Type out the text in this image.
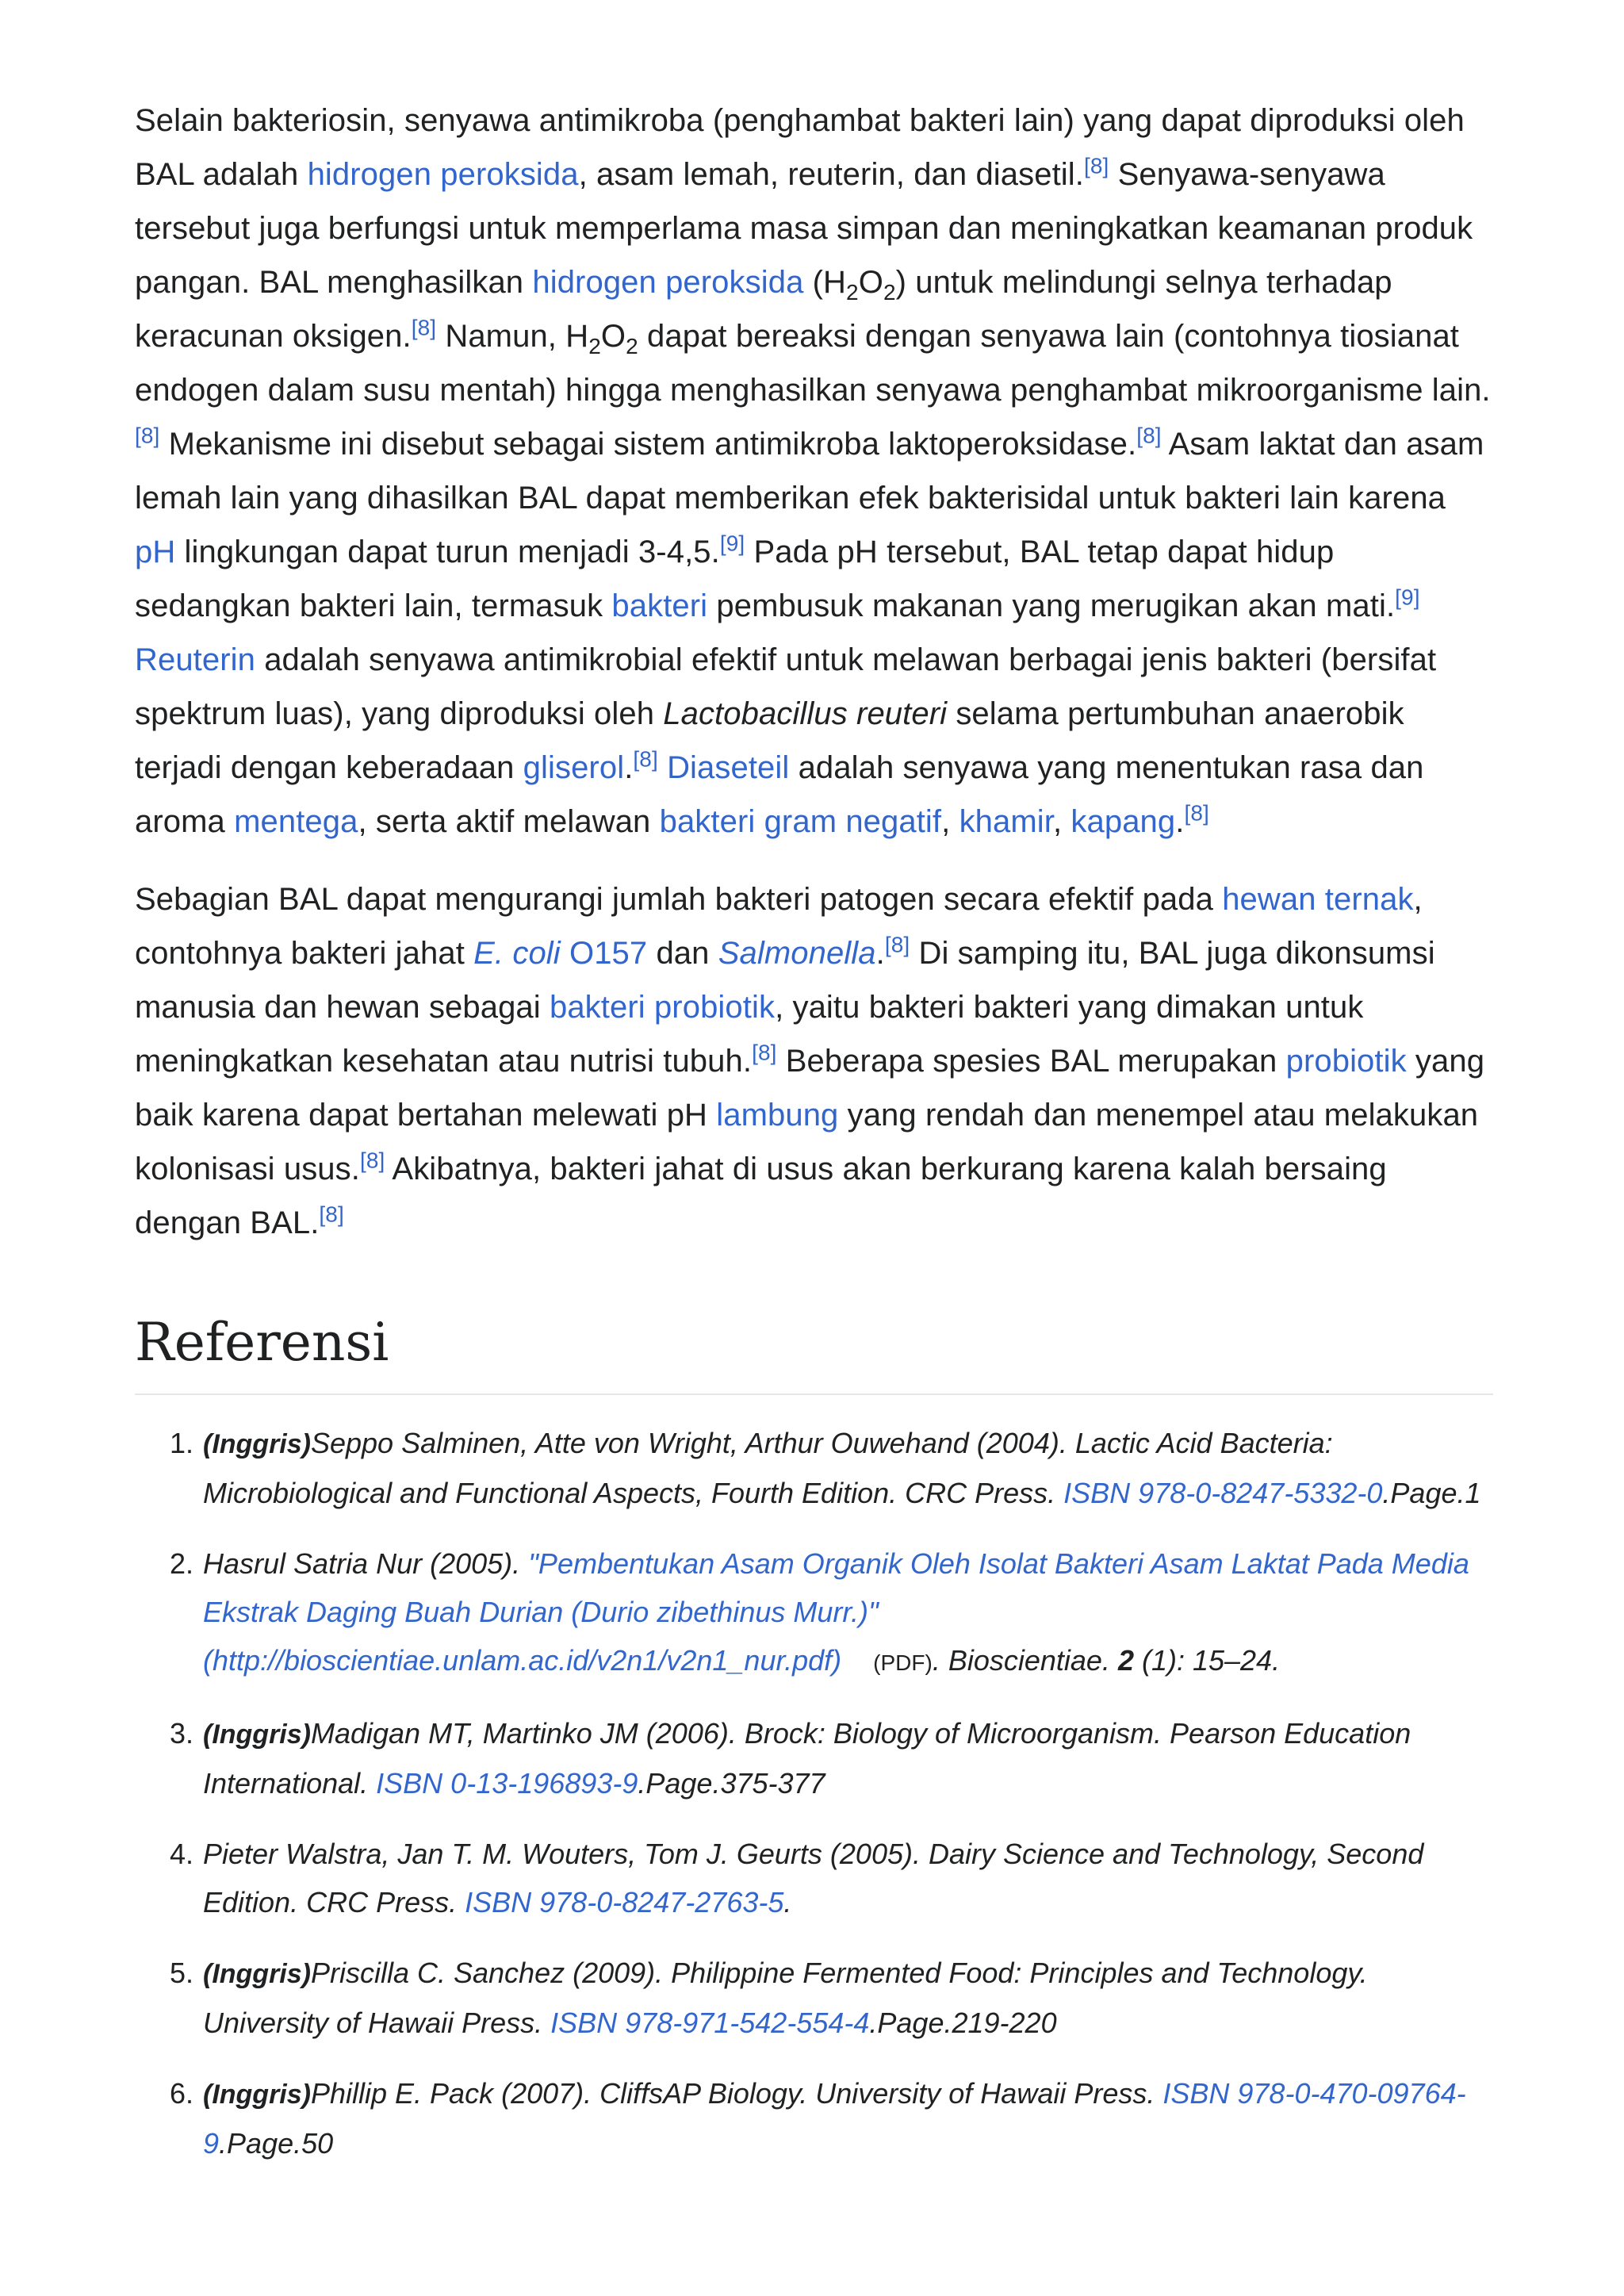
Selain bakteriosin, senyawa antimikroba (penghambat bakteri lain) yang dapat diproduksi oleh BAL adalah hidrogen peroksida, asam lemah, reuterin, dan diasetil.[8] Senyawa-senyawa tersebut juga berfungsi untuk memperlama masa simpan dan meningkatkan keamanan produk pangan. BAL menghasilkan hidrogen peroksida $(H_2O_2)$ untuk melindungi selnya terhadap keracunan oksigen.[8] Namun, $H_2O_2$ dapat bereaksi dengan senyawa lain (contohnya tiosianat endogen dalam susu mentah) hingga menghasilkan senyawa penghambat mikroorganisme lain.[8] Mekanisme ini disebut sebagai sistem antimikroba laktoperoksidase.[8] Asam laktat dan asam lemah lain yang dihasilkan BAL dapat memberikan efek bakterisidal untuk bakteri lain karena pH lingkungan dapat turun menjadi 3-4,5.[9] Pada pH tersebut, BAL tetap dapat hidup sedangkan bakteri lain, termasuk bakteri pembusuk makanan yang merugikan akan mati.[9] Reuterin adalah senyawa antimikrobial efektif untuk melawan berbagai jenis bakteri (bersifat spektrum luas), yang diproduksi oleh Lactobacillus reuteri selama pertumbuhan anaerobik terjadi dengan keberadaan gliserol.[8] Diaseteil adalah senyawa yang menentukan rasa dan aroma mentega, serta aktif melawan bakteri gram negatif, khamir, kapang.[8]

Sebagian BAL dapat mengurangi jumlah bakteri patogen secara efektif pada hewan ternak, contohnya bakteri jahat E. coli O157 dan Salmonella.[8] Di samping itu, BAL juga dikonsumsi manusia dan hewan sebagai bakteri probiotik, yaitu bakteri bakteri yang dimakan untuk meningkatkan kesehatan atau nutrisi tubuh.[8] Beberapa spesies BAL merupakan probiotik yang baik karena dapat bertahan melewati pH lambung yang rendah dan menempel atau melakukan kolonisasi usus.[8] Akibatnya, bakteri jahat di usus akan berkurang karena kalah bersaing dengan BAL.[8]

Referensi
1. (Inggris)Seppo Salminen, Atte von Wright, Arthur Ouwehand (2004). Lactic Acid Bacteria: Microbiological and Functional Aspects, Fourth Edition. CRC Press. ISBN 978-0-8247-5332-0.Page.1
2. Hasrul Satria Nur (2005). "Pembentukan Asam Organik Oleh Isolat Bakteri Asam Laktat Pada Media Ekstrak Daging Buah Durian (Durio zibethinus Murr.)" (http://bioscientiae.unlam.ac.id/v2n1/v2n1_nur.pdf) (PDF). Bioscientiae. 2 (1): 15–24.
3. (Inggris)Madigan MT, Martinko JM (2006). Brock: Biology of Microorganism. Pearson Education International. ISBN 0-13-196893-9.Page.375-377
4. Pieter Walstra, Jan T. M. Wouters, Tom J. Geurts (2005). Dairy Science and Technology, Second Edition. CRC Press. ISBN 978-0-8247-2763-5.
5. (Inggris)Priscilla C. Sanchez (2009). Philippine Fermented Food: Principles and Technology. University of Hawaii Press. ISBN 978-971-542-554-4.Page.219-220
6. (Inggris)Phillip E. Pack (2007). CliffsAP Biology. University of Hawaii Press. ISBN 978-0-470-09764-9.Page.50
